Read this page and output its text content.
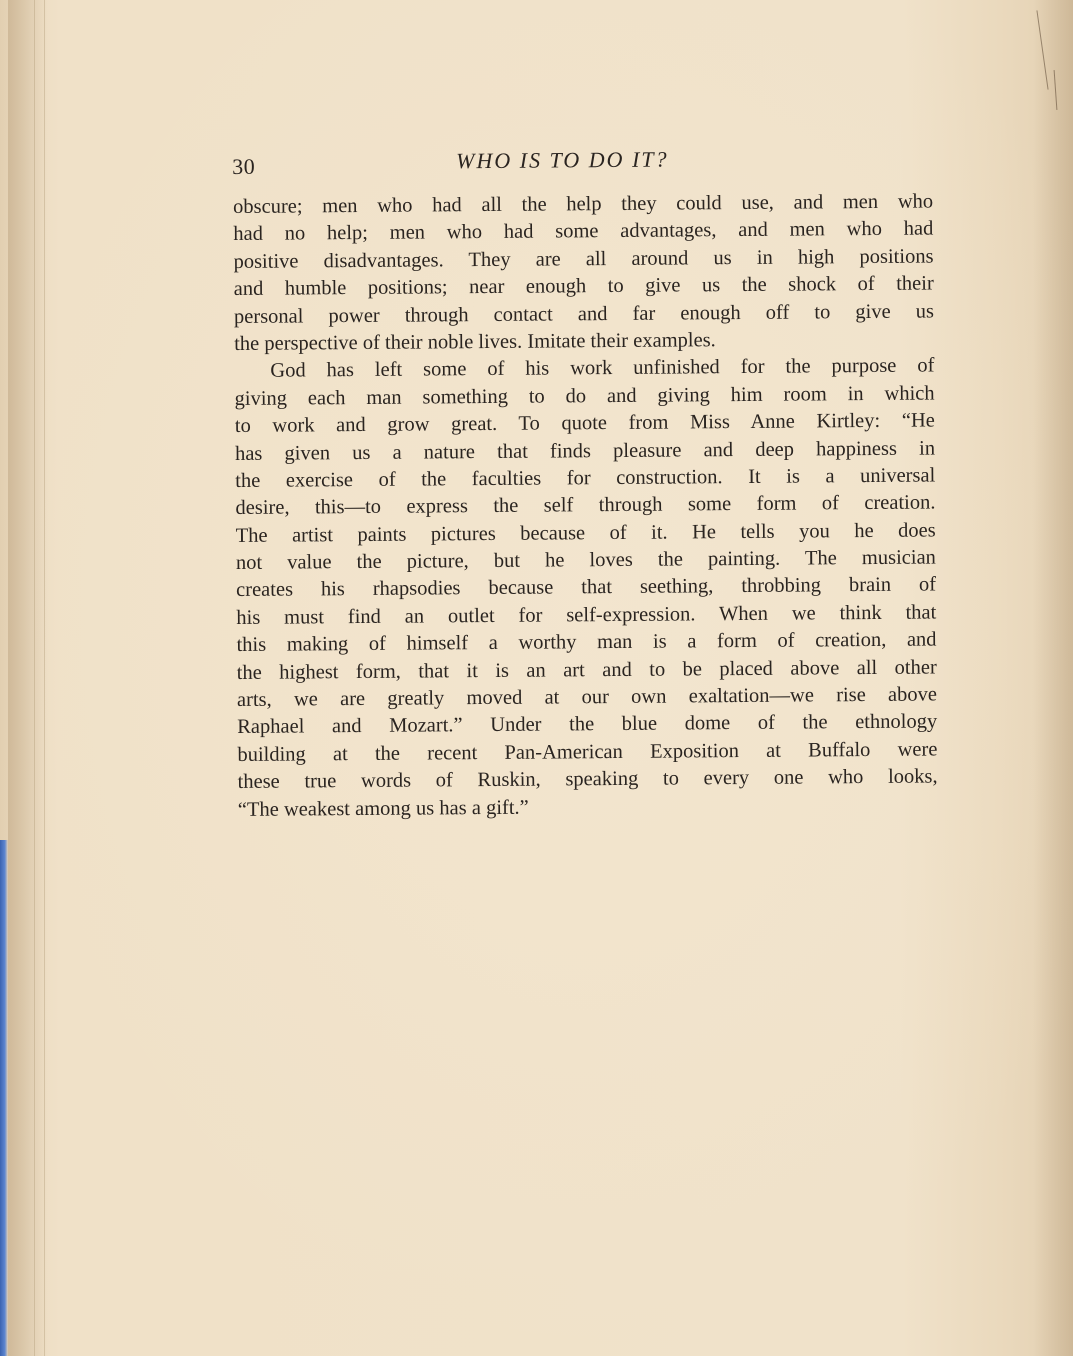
30	WHO IS TO DO IT?
obscure; men who had all the help they could use, and men who
had no help; men who had some advantages, and men who had
positive disadvantages. They are all around us in high positions
and humble positions; near enough to give us the shock of their
personal power through contact and far enough off to give us
the perspective of their noble lives. Imitate their examples.
God has left some of his work unfinished for the purpose of
giving each man something to do and giving him room in which
to work and grow great. To quote from Miss Anne Kirtley: “He
has given us a nature that finds pleasure and deep happiness in
the exercise of the faculties for construction. It is a universal
desire, this—to express the self through some form of creation.
The artist paints pictures because of it. He tells you he does
not value the picture, but he loves the painting. The musician
creates his rhapsodies because that seething, throbbing brain of
his must find an outlet for self-expression. When we think that
this making of himself a worthy man is a form of creation, and
the highest form, that it is an art and to be placed above all other
arts, we are greatly moved at our own exaltation—we rise above
Raphael and Mozart.” Under the blue dome of the ethnology
building at the recent Pan-American Exposition at Buffalo were
these true words of Ruskin, speaking to every one who looks,
“The weakest among us has a gift.”
